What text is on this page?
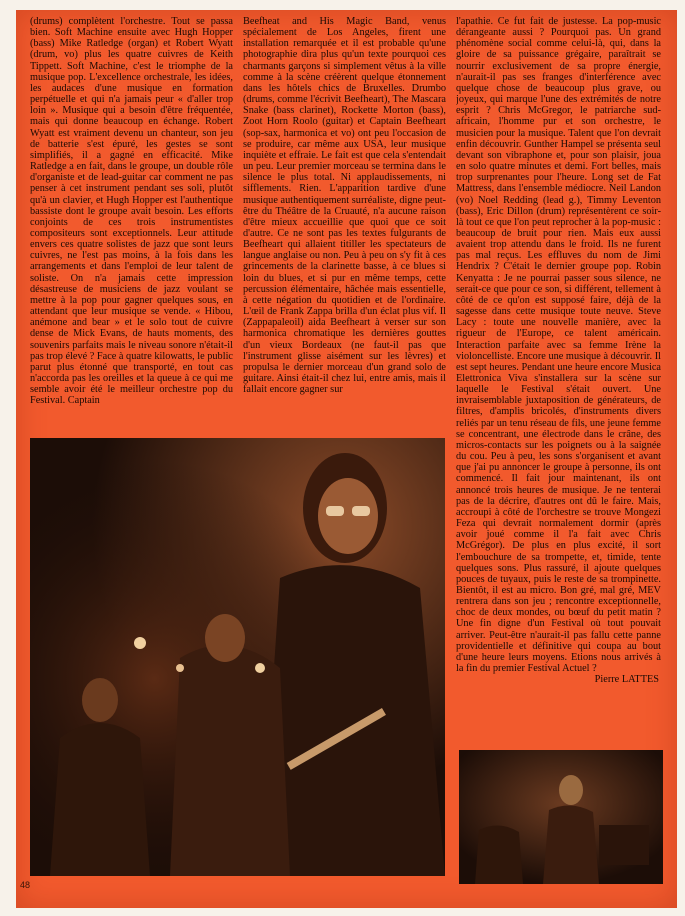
(drums) complètent l'orchestre. Tout se passa bien. Soft Machine ensuite avec Hugh Hopper (bass) Mike Ratledge (organ) et Robert Wyatt (drum, vo) plus les quatre cuivres de Keith Tippett. Soft Machine, c'est le triomphe de la musique pop. L'excellence orchestrale, les idées, les audaces d'une musique en formation perpétuelle et qui n'a jamais peur « d'aller trop loin ». Musique qui a besoin d'être fréquentée, mais qui donne beaucoup en échange. Robert Wyatt est vraiment devenu un chanteur, son jeu de batterie s'est épuré, les gestes se sont simplifiés, il a gagné en efficacité. Mike Ratledge a en fait, dans le groupe, un double rôle d'organiste et de lead-guitar car comment ne pas penser à cet instrument pendant ses soli, plutôt qu'à un clavier, et Hugh Hopper est l'authentique bassiste dont le groupe avait besoin. Les efforts conjoints de ces trois instrumentistes compositeurs sont exceptionnels. Leur attitude envers ces quatre solistes de jazz que sont leurs cuivres, ne l'est pas moins, à la fois dans les arrangements et dans l'emploi de leur talent de soliste. On n'a jamais cette impression désastreuse de musiciens de jazz voulant se mettre à la pop pour gagner quelques sous, en attendant que leur musique se vende. « Hibou, anémone and bear » et le solo tout de cuivre dense de Mick Evans, de hauts moments, des souvenirs parfaits mais le niveau sonore n'était-il pas trop élevé ? Face à quatre kilowatts, le public parut plus étonné que transporté, en tout cas n'accorda pas les oreilles et la queue à ce qui me semble avoir été le meilleur orchestre pop du Festival. Captain

Beefheat and His Magic Band, venus spécialement de Los Angeles, firent une installation remarquée et il est probable qu'une photographie dira plus qu'un texte pourquoi ces charmants garçons si simplement vêtus à la ville comme à la scène créèrent quelque étonnement dans les hôtels chics de Bruxelles. Drumbo (drums, comme l'écrivit Beefheart), The Mascara Snake (bass clarinet), Rockette Morton (bass), Zoot Horn Roolo (guitar) et Captain Beefheart (sop-sax, harmonica et vo) ont peu l'occasion de se produire, car même aux USA, leur musique inquiète et effraie. Le fait est que cela s'entendait un peu. Leur premier morceau se termina dans le silence le plus total. Ni applaudissements, ni sifflements. Rien. L'apparition tardive d'une musique authentiquement surréaliste, digne peut-être du Théâtre de la Cruauté, n'a aucune raison d'être mieux accueillie que quoi que ce soit d'autre. Ce ne sont pas les textes fulgurants de Beefheart qui allaient titiller les spectateurs de langue anglaise ou non. Peu à peu on s'y fit à ces grincements de la clarinette basse, à ce blues si loin du blues, et si pur en même temps, cette percussion élémentaire, hâchée mais essentielle, à cette négation du quotidien et de l'ordinaire. L'œil de Frank Zappa brilla d'un éclat plus vif. Il (Zappapaleoil) aida Beefheart à verser sur son harmonica chromatique les dernières gouttes d'un vieux Bordeaux (ne faut-il pas que l'instrument glisse aisément sur les lèvres) et propulsa le dernier morceau d'un grand solo de guitare. Ainsi était-il chez lui, entre amis, mais il fallait encore gagner sur

l'apathie. Ce fut fait de justesse. La pop-music dérangeante aussi ? Pourquoi pas. Un grand phénomène social comme celui-là, qui, dans la gloire de sa puissance grégaire, paraîtrait se nourrir exclusivement de sa propre énergie, n'aurait-il pas ses franges d'interférence avec quelque chose de beaucoup plus grave, ou joyeux, qui marque l'une des extrémités de notre esprit ? Chris McGregor, le patriarche sud-africain, l'homme pur et son orchestre, le musicien pour la musique. Talent que l'on devrait enfin découvrir. Gunther Hampel se présenta seul devant son vibraphone et, pour son plaisir, joua en solo quatre minutes et demi. Fort belles, mais trop surprenantes pour l'heure. Long set de Fat Mattress, dans l'ensemble médiocre. Neil Landon (vo) Noel Redding (lead g.), Timmy Leventon (bass), Eric Dillon (drum) représentèrent ce soir-là tout ce que l'on peut reprocher à la pop-music : beaucoup de bruit pour rien. Mais eux aussi avaient trop attendu dans le froid. Ils ne furent pas mal reçus. Les effluves du nom de Jimi Hendrix ? C'était le dernier groupe pop. Robin Kenyatta : Je ne pourrai passer sous silence, ne serait-ce que pour ce son, si différent, tellement à côté de ce qu'on est supposé faire, déjà de la sagesse dans cette musique toute neuve. Steve Lacy : toute une nouvelle manière, avec la rigueur de l'Europe, ce talent américain. Interaction parfaite avec sa femme Irène la violoncelliste. Encore une musique à découvrir. Il est sept heures. Pendant une heure encore Musica Elettronica Viva s'installera sur la scène sur laquelle le Festival s'était ouvert. Une invraisemblable juxtaposition de générateurs, de filtres, d'amplis bricolés, d'instruments divers reliés par un tenu réseau de fils, une jeune femme se concentrant, une électrode dans le crâne, des micros-contacts sur les poignets ou à la saignée du cou. Peu à peu, les sons s'organisent et avant que j'ai pu annoncer le groupe à personne, ils ont commencé. Il fait jour maintenant, ils ont annoncé trois heures de musique. Je ne tenterai pas de la décrire, d'autres ont dû le faire. Mais, accroupi à côté de l'orchestre se trouve Mongezi Feza qui devrait normalement dormir (après avoir joué comme il l'a fait avec Chris McGrégor). De plus en plus excité, il sort l'embouchure de sa trompette, et, timide, tente quelques sons. Plus rassuré, il ajoute quelques pouces de tuyaux, puis le reste de sa trompinette. Bientôt, il est au micro. Bon gré, mal gré, MEV rentrera dans son jeu ; rencontre exceptionnelle, choc de deux mondes, ou bœuf du petit matin ? Une fin digne d'un Festival où tout pouvait arriver. Peut-être n'aurait-il pas fallu cette panne providentielle et définitive qui coupa au bout d'une heure leurs moyens. Etions nous arrivés à la fin du premier Festival Actuel ?

Pierre LATTES

48
